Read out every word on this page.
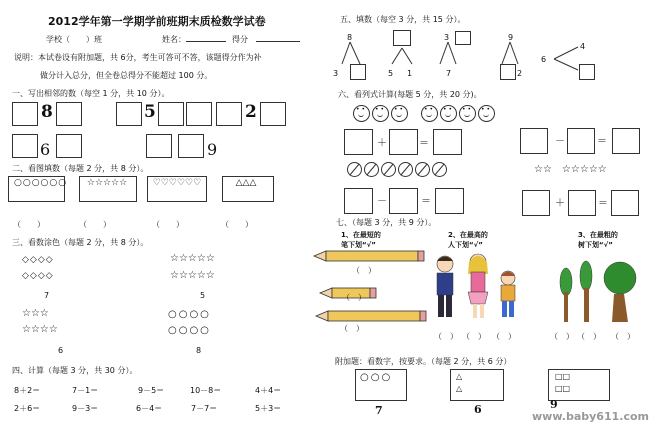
2012学年第一学期学前班期末质检数学试卷
学校（　　）班	姓名：	得分
说明：本试卷设有附加题，共 6分，考生可答可不答，该题得分作为补
做分计入总分，但全卷总得分不能超过 100 分。
一、写出相邻的数（每空 1 分，共 10 分）。
8	5	2
6	9
二、看图填数（每题 2 分，共 8 分）。
○○○○○○	☆☆☆☆☆	♡♡♡♡♡♡	△△△
（　　）	（　　）	（　　）	（　　）
三、看数涂色（每题 2 分，共 8 分）。
◇◇◇◇
◇◇◇◇
7
☆☆☆☆☆
☆☆☆☆☆
5
☆☆☆
☆☆☆☆
6
○○○○
○○○○
8
四、计算（每题 3 分，共 30 分）。
8＋2＝	7－1＝	9－5＝	10－8＝	4＋4＝
2＋6＝	9－3＝	6－4＝	7－7＝	5＋3＝
五、填数（每空 3 分，共 15 分）。
8
3	5 1
3
7
9
2
4
6
六、看列式计算(每题 5 分，共 20 分)。
• •• •• •
• •• •• •• •
＋	＝	－	＝
☆☆　☆☆☆☆☆
－	＝	＋	＝
七、（每题 3 分，共 9 分）。
1、在最短的
笔下划“√”
2、在最高的
人下划“√”
3、在最粗的
树下划“√”
（　）
（　）
（　）
（　） （　） （　）	（　） （　） （　）
附加题：看数字，按要求。（每题 2 分，共 6 分）
○○○
7
△
△
6
□□
□□
9
www.baby611.com
